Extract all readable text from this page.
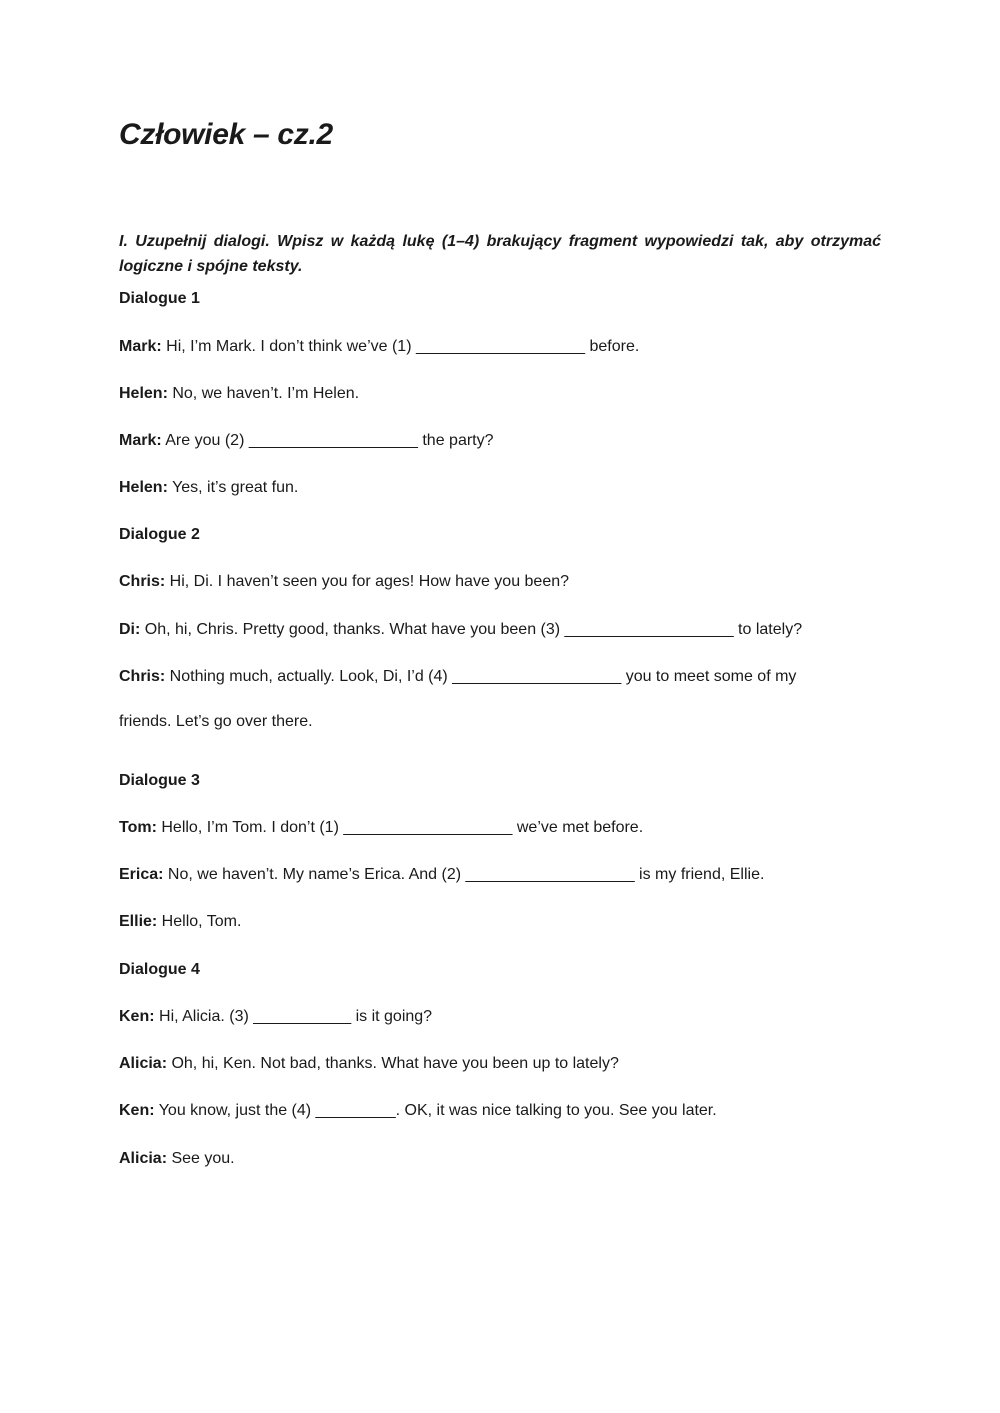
Człowiek – cz.2

I. Uzupełnij dialogi. Wpisz w każdą lukę (1–4) brakujący fragment wypowiedzi tak, aby otrzymać logiczne i spójne teksty.

Dialogue 1

Mark: Hi, I’m Mark. I don’t think we’ve (1) ___________________ before.

Helen: No, we haven’t. I’m Helen.

Mark: Are you (2) ___________________ the party?

Helen: Yes, it’s great fun.

Dialogue 2

Chris: Hi, Di. I haven’t seen you for ages! How have you been?

Di: Oh, hi, Chris. Pretty good, thanks. What have you been (3) ___________________ to lately?

Chris: Nothing much, actually. Look, Di, I’d (4) ___________________ you to meet some of my

friends. Let’s go over there.

Dialogue 3

Tom: Hello, I’m Tom. I don’t (1) ___________________ we’ve met before.

Erica: No, we haven’t. My name’s Erica. And (2) ___________________ is my friend, Ellie.

Ellie: Hello, Tom.

Dialogue 4

Ken: Hi, Alicia. (3) ___________ is it going?

Alicia: Oh, hi, Ken. Not bad, thanks. What have you been up to lately?

Ken: You know, just the (4) _________. OK, it was nice talking to you. See you later.

Alicia: See you.
